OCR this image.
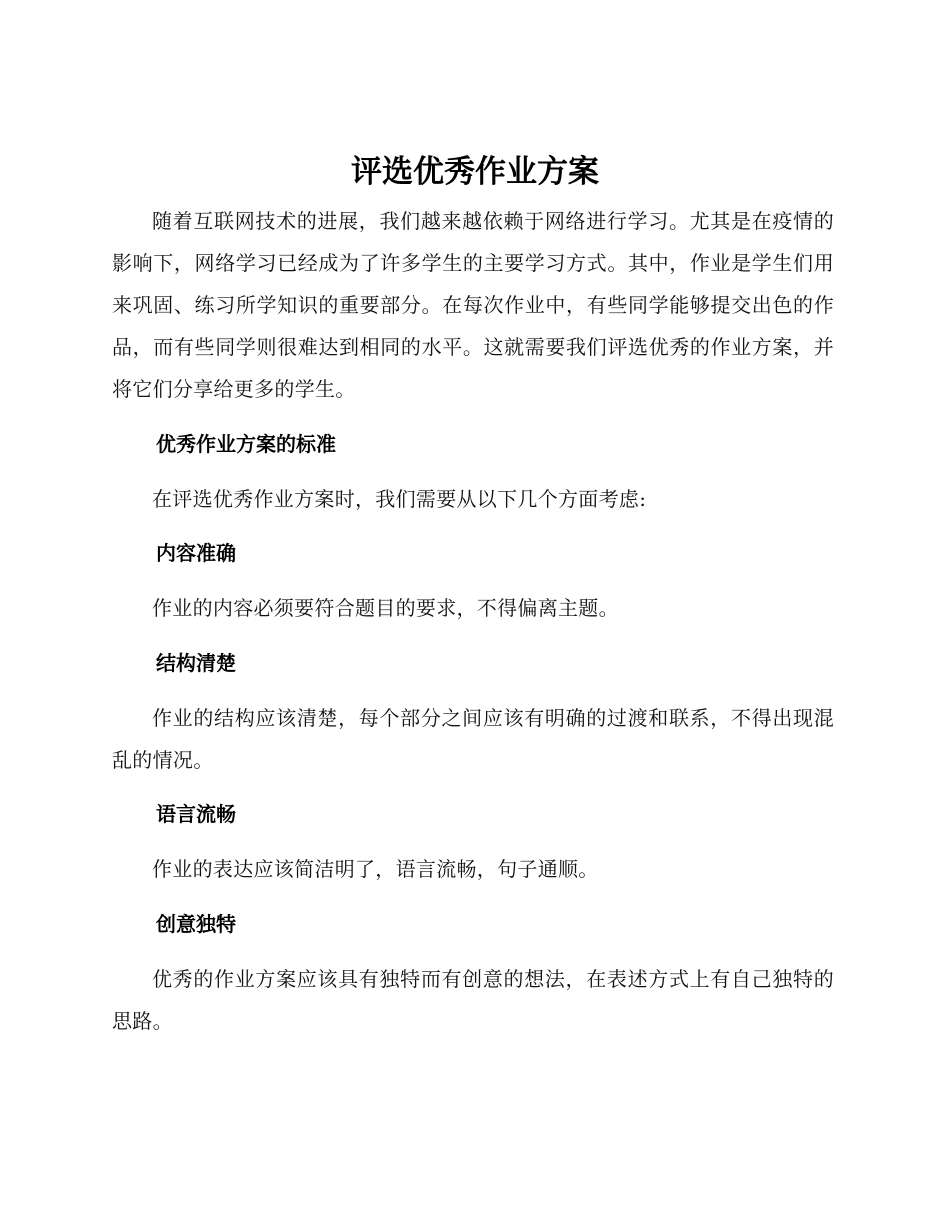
评选优秀作业方案

随着互联网技术的进展，我们越来越依赖于网络进行学习。尤其是在疫情的影响下，网络学习已经成为了许多学生的主要学习方式。其中，作业是学生们用来巩固、练习所学知识的重要部分。在每次作业中，有些同学能够提交出色的作品，而有些同学则很难达到相同的水平。这就需要我们评选优秀的作业方案，并将它们分享给更多的学生。

优秀作业方案的标准

在评选优秀作业方案时，我们需要从以下几个方面考虑:

内容准确

作业的内容必须要符合题目的要求，不得偏离主题。

结构清楚

作业的结构应该清楚，每个部分之间应该有明确的过渡和联系，不得出现混乱的情况。

语言流畅

作业的表达应该简洁明了，语言流畅，句子通顺。

创意独特

优秀的作业方案应该具有独特而有创意的想法，在表述方式上有自己独特的思路。
